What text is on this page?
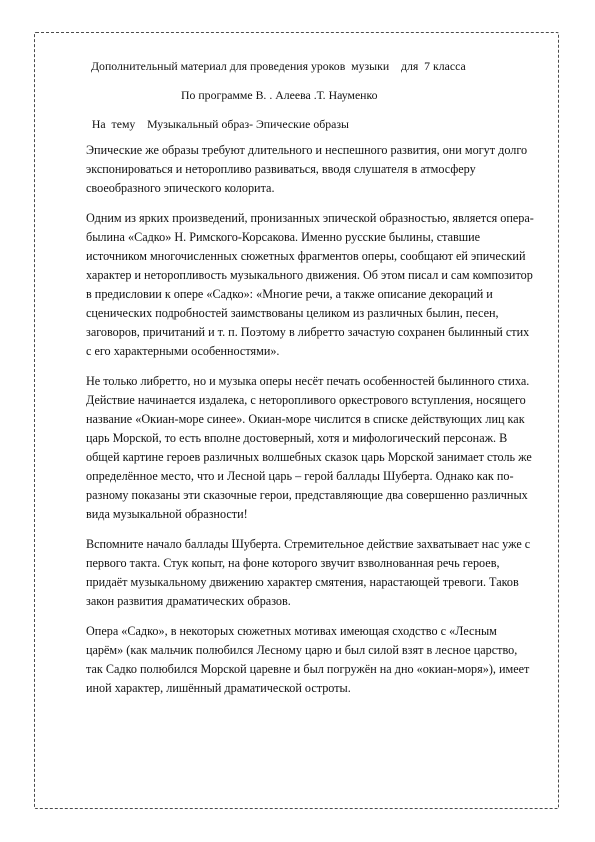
Дополнительный материал для проведения уроков  музыки    для  7 класса

По программе В. . Алеева .Т. Науменко

На  тему    Музыкальный образ- Эпические образы

Эпические же образы требуют длительного и неспешного развития, они могут долго экспонироваться и неторопливо развиваться, вводя слушателя в атмосферу своеобразного эпического колорита.

Одним из ярких произведений, пронизанных эпической образностью, является опера-былина «Садко» Н. Римского-Корсакова. Именно русские былины, ставшие источником многочисленных сюжетных фрагментов оперы, сообщают ей эпический характер и неторопливость музыкального движения. Об этом писал и сам композитор в предисловии к опере «Садко»: «Многие речи, а также описание декораций и сценических подробностей заимствованы целиком из различных былин, песен, заговоров, причитаний и т. п. Поэтому в либретто зачастую сохранен былинный стих с его характерными особенностями».

Не только либретто, но и музыка оперы несёт печать особенностей былинного стиха. Действие начинается издалека, с неторопливого оркестрового вступления, носящего название «Окиан-море синее». Окиан-море числится в списке действующих лиц как царь Морской, то есть вполне достоверный, хотя и мифологический персонаж. В общей картине героев различных волшебных сказок царь Морской занимает столь же определённое место, что и Лесной царь – герой баллады Шуберта. Однако как по-разному показаны эти сказочные герои, представляющие два совершенно различных вида музыкальной образности!

Вспомните начало баллады Шуберта. Стремительное действие захватывает нас уже с первого такта. Стук копыт, на фоне которого звучит взволнованная речь героев, придаёт музыкальному движению характер смятения, нарастающей тревоги. Таков закон развития драматических образов.

Опера «Садко», в некоторых сюжетных мотивах имеющая сходство с «Лесным царём» (как мальчик полюбился Лесному царю и был силой взят в лесное царство, так Садко полюбился Морской царевне и был погружён на дно «окиан-моря»), имеет иной характер, лишённый драматической остроты.
